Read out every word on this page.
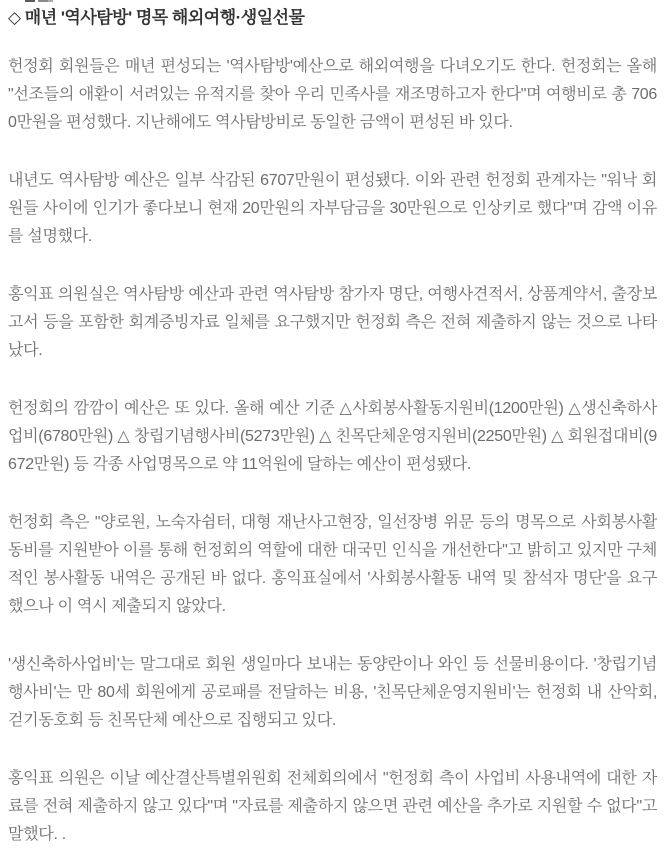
◇ 매년 '역사탐방' 명목 해외여행·생일선물

헌정회 회원들은 매년 편성되는 '역사탐방'예산으로 해외여행을 다녀오기도 한다. 헌정회는 올해 "선조들의 애환이 서려있는 유적지를 찾아 우리 민족사를 재조명하고자 한다"며 여행비로 총 7060만원을 편성했다. 지난해에도 역사탐방비로 동일한 금액이 편성된 바 있다.

내년도 역사탐방 예산은 일부 삭감된 6707만원이 편성됐다. 이와 관련 헌정회 관계자는 "워낙 회원들 사이에 인기가 좋다보니 현재 20만원의 자부담금을 30만원으로 인상키로 했다"며 감액 이유를 설명했다.

홍익표 의원실은 역사탐방 예산과 관련 역사탐방 참가자 명단, 여행사견적서, 상품계약서, 출장보고서 등을 포함한 회계증빙자료 일체를 요구했지만 헌정회 측은 전혀 제출하지 않는 것으로 나타났다.

헌정회의 깜깜이 예산은 또 있다. 올해 예산 기준 △사회봉사활동지원비(1200만원) △생신축하사업비(6780만원) △ 창립기념행사비(5273만원) △ 친목단체운영지원비(2250만원) △ 회원접대비(9672만원) 등 각종 사업명목으로 약 11억원에 달하는 예산이 편성됐다.

헌정회 측은 "양로원, 노숙자쉼터, 대형 재난사고현장, 일선장병 위문 등의 명목으로 사회봉사활동비를 지원받아 이를 통해 헌정회의 역할에 대한 대국민 인식을 개선한다"고 밝히고 있지만 구체적인 봉사활동 내역은 공개된 바 없다. 홍익표실에서 '사회봉사활동 내역 및 참석자 명단'을 요구했으나 이 역시 제출되지 않았다.

'생신축하사업비'는 말그대로 회원 생일마다 보내는 동양란이나 와인 등 선물비용이다. '창립기념행사비'는 만 80세 회원에게 공로패를 전달하는 비용, '친목단체운영지원비'는 헌정회 내 산악회, 걷기동호회 등 친목단체 예산으로 집행되고 있다.

홍익표 의원은 이날 예산결산특별위원회 전체회의에서 "헌정회 측이 사업비 사용내역에 대한 자료를 전혀 제출하지 않고 있다"며 "자료를 제출하지 않으면 관련 예산을 추가로 지원할 수 없다"고 말했다. .
